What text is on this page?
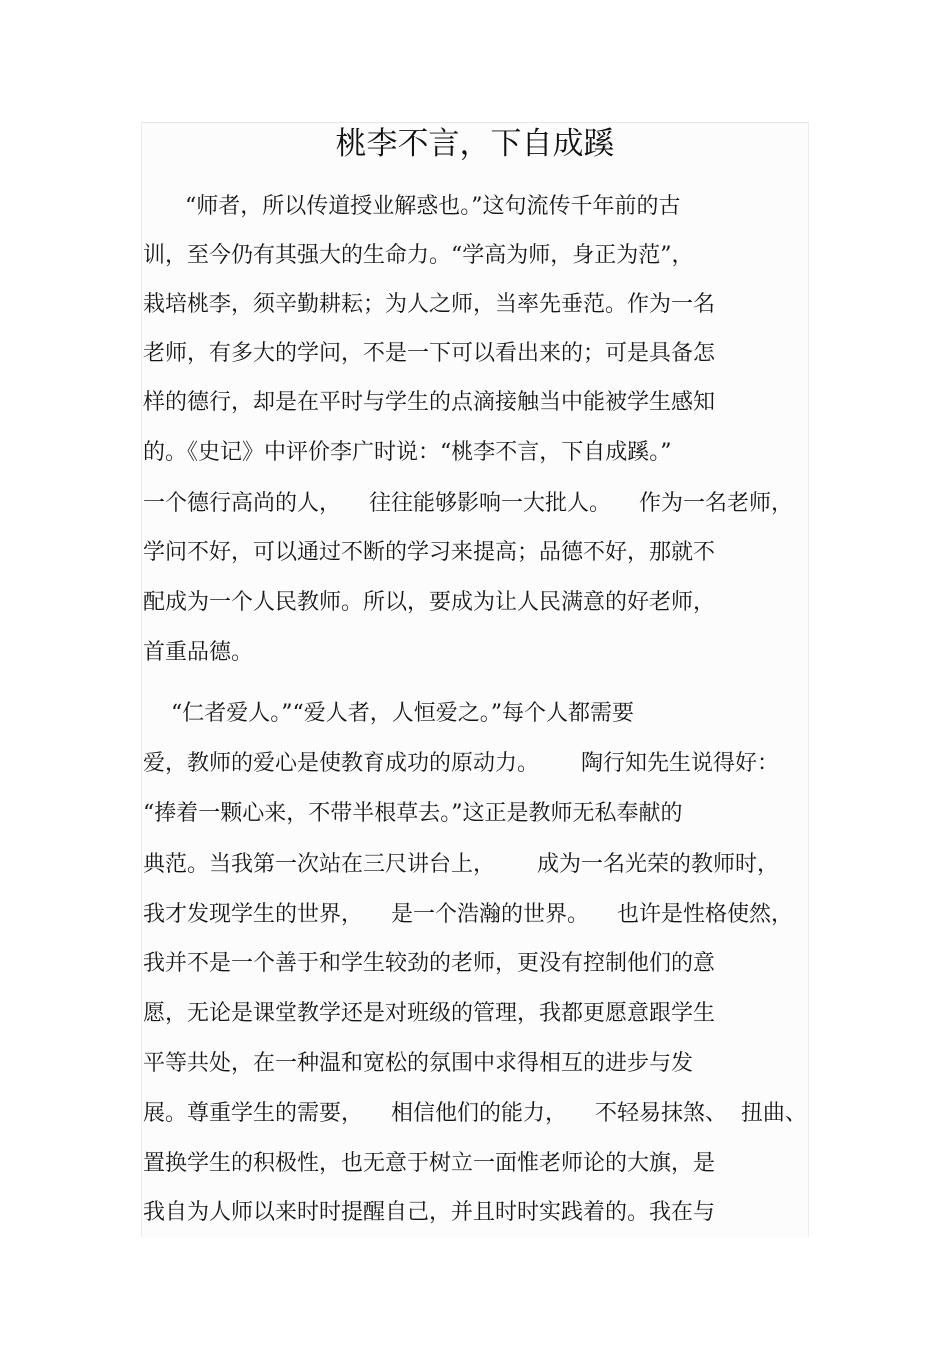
桃李不言，下自成蹊
“师者，所以传道授业解惑也。”这句流传千年前的古
训，至今仍有其强大的生命力。“学高为师，身正为范”，
栽培桃李，须辛勤耕耘；为人之师，当率先垂范。作为一名
老师，有多大的学问，不是一下可以看出来的；可是具备怎
样的德行，却是在平时与学生的点滴接触当中能被学生感知
的。《史记》中评价李广时说：“桃李不言，下自成蹊。”
一个德行高尚的人，    往往能够影响一大批人。    作为一名老师，
学问不好，可以通过不断的学习来提高；品德不好，那就不
配成为一个人民教师。所以，要成为让人民满意的好老师，
首重品德。
“仁者爱人。”“爱人者，人恒爱之。”每个人都需要
爱，教师的爱心是使教育成功的原动力。      陶行知先生说得好：
“捧着一颗心来，不带半根草去。”这正是教师无私奉献的
典范。当我第一次站在三尺讲台上，      成为一名光荣的教师时，
我才发现学生的世界，    是一个浩瀚的世界。    也许是性格使然，
我并不是一个善于和学生较劲的老师，更没有控制他们的意
愿，无论是课堂教学还是对班级的管理，我都更愿意跟学生
平等共处，在一种温和宽松的氛围中求得相互的进步与发
展。尊重学生的需要，    相信他们的能力，    不轻易抹煞、  扭曲、
置换学生的积极性，也无意于树立一面惟老师论的大旗，是
我自为人师以来时时提醒自己，并且时时实践着的。我在与
